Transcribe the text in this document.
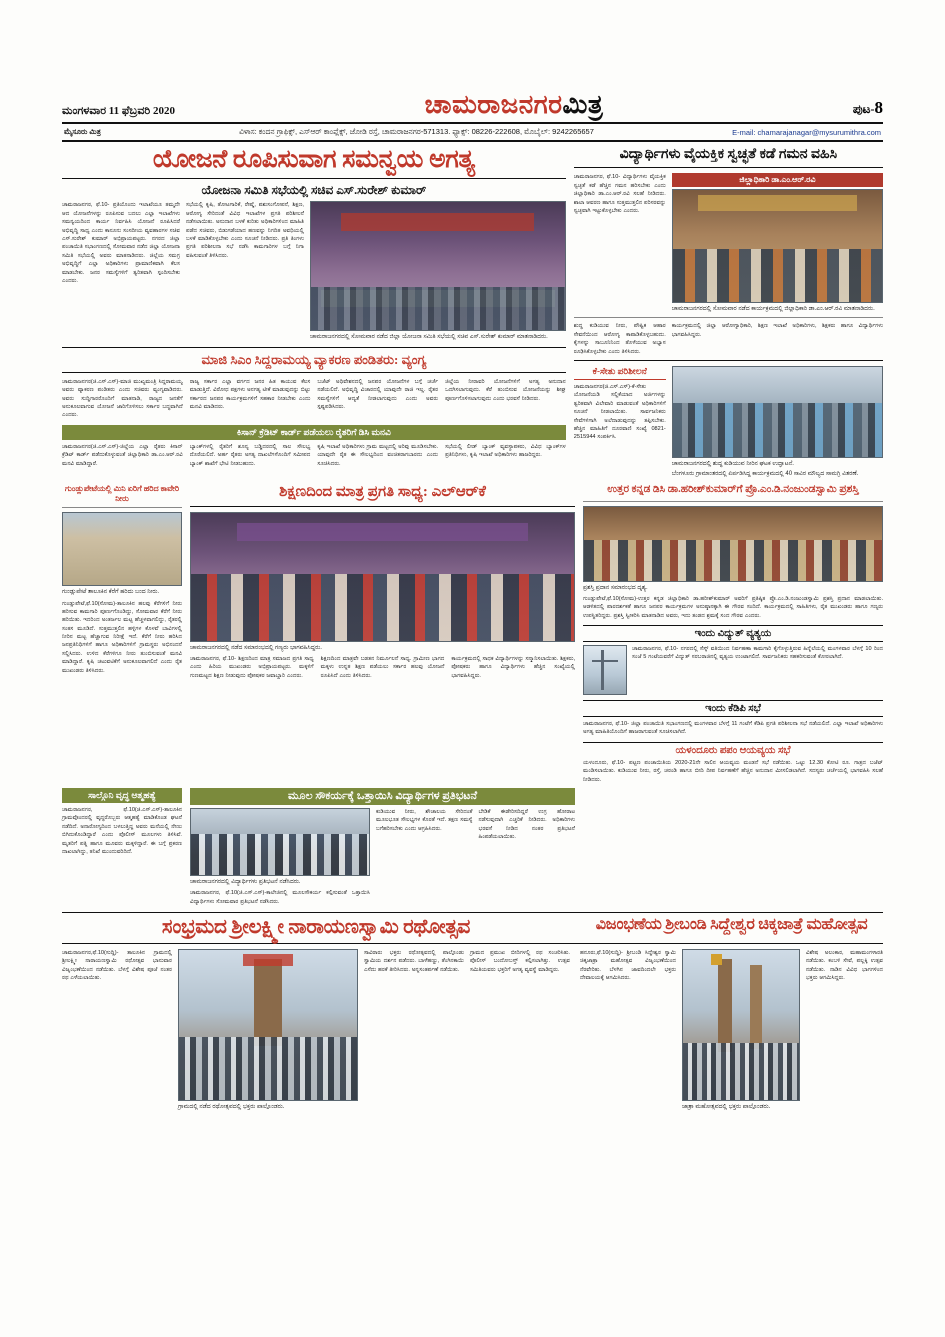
ಮಂಗಳವಾರ 11 ಫೆಬ್ರವರಿ 2020	ಚಾಮರಾಜನಗರಮಿತ್ರ	ಪುಟ-8
ಮೈಸೂರು ಮಿತ್ರ	ವಿಳಾಸ: ಕಂದನ ಗ್ರಾಫಿಕ್ಸ್, ಎಸ್‌ಆರ್ ಕಾಂಪ್ಲೆಕ್ಸ್, ಜೋಡಿ ರಸ್ತೆ, ಚಾಮರಾಜನಗರ-571313. ಫ್ಯಾಕ್ಸ್: 08226-222608, ಮೊಬೈಲ್: 9242265657	E-mail: chamarajanagar@mysurumithra.com
ಯೋಜನೆ ರೂಪಿಸುವಾಗ ಸಮನ್ವಯ ಅಗತ್ಯ
ಯೋಜನಾ ಸಮಿತಿ ಸಭೆಯಲ್ಲಿ ಸಚಿವ ಎಸ್.ಸುರೇಶ್ ಕುಮಾರ್
ಚಾಮರಾಜನಗರ, ಫೆ.10- ಪ್ರತಿಯೊಂದು ಇಲಾಖೆಯೂ ತಮ್ಮದೇ ಆದ ಯೋಜನೆಗಳನ್ನು ರೂಪಿಸುವ ಬದಲು ಎಲ್ಲಾ ಇಲಾಖೆಗಳು ಸಮನ್ವಯದಿಂದ ಕಾರ್ಯ ನಿರ್ವಹಿಸಿ ಯೋಜನೆ ರೂಪಿಸಿದರೆ ಅಭಿವೃದ್ಧಿ ಸಾಧ್ಯ ಎಂದು ಕಾನೂನು ಸಂಸದೀಯ ವ್ಯವಹಾರಗಳ ಸಚಿವ ಎಸ್.ಸುರೇಶ್ ಕುಮಾರ್ ಅಭಿಪ್ರಾಯಪಟ್ಟರು. ನಗರದ ಜಿಲ್ಲಾ ಪಂಚಾಯಿತಿ ಸಭಾಂಗಣದಲ್ಲಿ ಸೋಮವಾರ ನಡೆದ ಜಿಲ್ಲಾ ಯೋಜನಾ ಸಮಿತಿ ಸಭೆಯಲ್ಲಿ ಅವರು ಮಾತನಾಡಿದರು. ಜಿಲ್ಲೆಯ ಸಮಗ್ರ ಅಭಿವೃದ್ಧಿಗೆ ಎಲ್ಲಾ ಅಧಿಕಾರಿಗಳು ಪ್ರಾಮಾಣಿಕವಾಗಿ ಕೆಲಸ ಮಾಡಬೇಕು. ಜನರ ಸಮಸ್ಯೆಗಳಿಗೆ ತ್ವರಿತವಾಗಿ ಸ್ಪಂದಿಸಬೇಕು ಎಂದರು.
ಸಭೆಯಲ್ಲಿ ಕೃಷಿ, ತೋಟಗಾರಿಕೆ, ರೇಷ್ಮೆ, ಪಶುಸಂಗೋಪನೆ, ಶಿಕ್ಷಣ, ಆರೋಗ್ಯ ಸೇರಿದಂತೆ ವಿವಿಧ ಇಲಾಖೆಗಳ ಪ್ರಗತಿ ಪರಿಶೀಲನೆ ನಡೆಸಲಾಯಿತು. ಅನುದಾನ ಬಳಕೆ ಕುರಿತು ಅಧಿಕಾರಿಗಳಿಂದ ಮಾಹಿತಿ ಪಡೆದ ಸಚಿವರು, ಬಿಡುಗಡೆಯಾದ ಹಣವನ್ನು ನಿಗದಿತ ಅವಧಿಯಲ್ಲಿ ಬಳಕೆ ಮಾಡಿಕೊಳ್ಳಬೇಕು ಎಂದು ಸೂಚನೆ ನೀಡಿದರು. ಪ್ರತಿ ತಿಂಗಳು ಪ್ರಗತಿ ಪರಿಶೀಲನಾ ಸಭೆ ನಡೆಸಿ ಕಾಮಗಾರಿಗಳ ಬಗ್ಗೆ ನಿಗಾ ವಹಿಸುವಂತೆ ತಿಳಿಸಿದರು.
ಚಾಮರಾಜನಗರದಲ್ಲಿ ಸೋಮವಾರ ನಡೆದ ಜಿಲ್ಲಾ ಯೋಜನಾ ಸಮಿತಿ ಸಭೆಯಲ್ಲಿ ಸಚಿವ ಎಸ್.ಸುರೇಶ್ ಕುಮಾರ್ ಮಾತನಾಡಿದರು.
ಮಾಜಿ ಸಿಎಂ ಸಿದ್ದರಾಮಯ್ಯ ವ್ಯಾಕರಣ ಪಂಡಿತರು: ವ್ಯಂಗ್ಯ
ಚಾಮರಾಜನಗರ(ಜಿ.ಎಸ್.ಎಸ್)-ಮಾಜಿ ಮುಖ್ಯಮಂತ್ರಿ ಸಿದ್ದರಾಮಯ್ಯ ಅವರು ವ್ಯಾಕರಣ ಪಂಡಿತರು ಎಂದು ಸಚಿವರು ವ್ಯಂಗ್ಯವಾಡಿದರು. ಅವರು ಸುದ್ದಿಗಾರರೊಂದಿಗೆ ಮಾತನಾಡಿ, ರಾಜ್ಯದ ಜನತೆಗೆ ಅನುಕೂಲವಾಗುವ ಯೋಜನೆ ಜಾರಿಗೊಳಿಸಲು ಸರ್ಕಾರ ಬದ್ಧವಾಗಿದೆ ಎಂದರು.
ರಾಜ್ಯ ಸರ್ಕಾರ ಎಲ್ಲಾ ವರ್ಗದ ಜನರ ಹಿತ ಕಾಯುವ ಕೆಲಸ ಮಾಡುತ್ತಿದೆ. ವಿರೋಧ ಪಕ್ಷಗಳು ಅನಗತ್ಯ ಟೀಕೆ ಮಾಡುವುದನ್ನು ಬಿಟ್ಟು ಸರ್ಕಾರದ ಜನಪರ ಕಾರ್ಯಕ್ರಮಗಳಿಗೆ ಸಹಕಾರ ನೀಡಬೇಕು ಎಂದು ಮನವಿ ಮಾಡಿದರು.
ಬಜೆಟ್ ಅಧಿವೇಶನದಲ್ಲಿ ಜನಪರ ಯೋಜನೆಗಳ ಬಗ್ಗೆ ಚರ್ಚೆ ನಡೆಯಲಿದೆ. ಅಭಿವೃದ್ಧಿ ವಿಚಾರದಲ್ಲಿ ಯಾವುದೇ ರಾಜಿ ಇಲ್ಲ. ರೈತರ ಸಮಸ್ಯೆಗಳಿಗೆ ಆದ್ಯತೆ ನೀಡಲಾಗುವುದು ಎಂದು ಅವರು ಸ್ಪಷ್ಟಪಡಿಸಿದರು.
ಜಿಲ್ಲೆಯ ನೀರಾವರಿ ಯೋಜನೆಗಳಿಗೆ ಅಗತ್ಯ ಅನುದಾನ ಒದಗಿಸಲಾಗುವುದು. ಕೆರೆ ತುಂಬಿಸುವ ಯೋಜನೆಯನ್ನು ಶೀಘ್ರ ಪೂರ್ಣಗೊಳಿಸಲಾಗುವುದು ಎಂದು ಭರವಸೆ ನೀಡಿದರು.
ಕಿಸಾನ್ ಕ್ರೆಡಿಟ್ ಕಾರ್ಡ್ ಪಡೆಯಲು ರೈತರಿಗೆ ಡಿಸಿ ಮನವಿ
ಚಾಮರಾಜನಗರ(ಜಿ.ಎಸ್.ಎಸ್)-ಜಿಲ್ಲೆಯ ಎಲ್ಲಾ ರೈತರು ಕಿಸಾನ್ ಕ್ರೆಡಿಟ್ ಕಾರ್ಡ್ ಪಡೆದುಕೊಳ್ಳುವಂತೆ ಜಿಲ್ಲಾಧಿಕಾರಿ ಡಾ.ಎಂ.ಆರ್.ರವಿ ಮನವಿ ಮಾಡಿದ್ದಾರೆ.
ಬ್ಯಾಂಕ್‌ಗಳಲ್ಲಿ ರೈತರಿಗೆ ಶೂನ್ಯ ಬಡ್ಡಿದರದಲ್ಲಿ ಸಾಲ ಸೌಲಭ್ಯ ದೊರೆಯಲಿದೆ. ಅರ್ಹ ರೈತರು ಅಗತ್ಯ ದಾಖಲೆಗಳೊಂದಿಗೆ ಸಮೀಪದ ಬ್ಯಾಂಕ್ ಶಾಖೆಗೆ ಭೇಟಿ ನೀಡಬಹುದು.
ಕೃಷಿ ಇಲಾಖೆ ಅಧಿಕಾರಿಗಳು ಗ್ರಾಮ ಮಟ್ಟದಲ್ಲಿ ಅರಿವು ಮೂಡಿಸಬೇಕು. ಯಾವುದೇ ರೈತ ಈ ಸೌಲಭ್ಯದಿಂದ ವಂಚಿತರಾಗಬಾರದು ಎಂದು ಸೂಚಿಸಿದರು.
ಸಭೆಯಲ್ಲಿ ಲೀಡ್ ಬ್ಯಾಂಕ್ ವ್ಯವಸ್ಥಾಪಕರು, ವಿವಿಧ ಬ್ಯಾಂಕ್‌ಗಳ ಪ್ರತಿನಿಧಿಗಳು, ಕೃಷಿ ಇಲಾಖೆ ಅಧಿಕಾರಿಗಳು ಹಾಜರಿದ್ದರು.
ವಿದ್ಯಾರ್ಥಿಗಳು ವೈಯಕ್ತಿಕ ಸ್ವಚ್ಛತೆ ಕಡೆ ಗಮನ ವಹಿಸಿ
ಚಾಮರಾಜನಗರ, ಫೆ.10- ವಿದ್ಯಾರ್ಥಿಗಳು ವೈಯಕ್ತಿಕ ಸ್ವಚ್ಛತೆ ಕಡೆ ಹೆಚ್ಚಿನ ಗಮನ ಹರಿಸಬೇಕು ಎಂದು ಜಿಲ್ಲಾಧಿಕಾರಿ ಡಾ.ಎಂ.ಆರ್.ರವಿ ಸಲಹೆ ನೀಡಿದರು. ಶಾಲಾ ಆವರಣ ಹಾಗೂ ಸುತ್ತಮುತ್ತಲಿನ ಪರಿಸರವನ್ನು ಸ್ವಚ್ಛವಾಗಿ ಇಟ್ಟುಕೊಳ್ಳಬೇಕು ಎಂದರು.
ಜಿಲ್ಲಾಧಿಕಾರಿ ಡಾ.ಎಂ.ಆರ್.ರವಿ
ಚಾಮರಾಜನಗರದಲ್ಲಿ ಸೋಮವಾರ ನಡೆದ ಕಾರ್ಯಕ್ರಮದಲ್ಲಿ ಜಿಲ್ಲಾಧಿಕಾರಿ ಡಾ.ಎಂ.ಆರ್.ರವಿ ಮಾತನಾಡಿದರು.
ಶುದ್ಧ ಕುಡಿಯುವ ನೀರು, ಪೌಷ್ಟಿಕ ಆಹಾರ ಸೇವನೆಯಿಂದ ಆರೋಗ್ಯ ಕಾಪಾಡಿಕೊಳ್ಳಬಹುದು. ಕೈಗಳನ್ನು ಸಾಬೂನಿನಿಂದ ತೊಳೆಯುವ ಅಭ್ಯಾಸ ರೂಢಿಸಿಕೊಳ್ಳಬೇಕು ಎಂದು ತಿಳಿಸಿದರು.
ಕಾರ್ಯಕ್ರಮದಲ್ಲಿ ಜಿಲ್ಲಾ ಆರೋಗ್ಯಾಧಿಕಾರಿ, ಶಿಕ್ಷಣ ಇಲಾಖೆ ಅಧಿಕಾರಿಗಳು, ಶಿಕ್ಷಕರು ಹಾಗೂ ವಿದ್ಯಾರ್ಥಿಗಳು ಭಾಗವಹಿಸಿದ್ದರು.
ಕೆ-ಸೇತು ಪರಿಶೀಲನೆ
ಚಾಮರಾಜನಗರ(ಜಿ.ಎಸ್.ಎಸ್)-ಕೆ-ಸೇತು ಯೋಜನೆಯಡಿ ಸಲ್ಲಿಕೆಯಾದ ಅರ್ಜಿಗಳನ್ನು ತ್ವರಿತವಾಗಿ ವಿಲೇವಾರಿ ಮಾಡುವಂತೆ ಅಧಿಕಾರಿಗಳಿಗೆ ಸೂಚನೆ ನೀಡಲಾಯಿತು. ಸಾರ್ವಜನಿಕರು ಸೇವೆಗಳಿಗಾಗಿ ಅಲೆದಾಡುವುದನ್ನು ತಪ್ಪಿಸಬೇಕು. ಹೆಚ್ಚಿನ ಮಾಹಿತಿಗೆ ದೂರವಾಣಿ ಸಂಖ್ಯೆ 0821-2515944 ಸಂಪರ್ಕಿಸಿ.
ಚಾಮರಾಜನಗರದಲ್ಲಿ ಶುದ್ಧ ಕುಡಿಯುವ ನೀರಿನ ಘಟಕ ಉದ್ಘಾಟನೆ.
ಬೆಂಗಳೂರು ಗ್ರಾಮಾಂತರದಲ್ಲಿ ಏರ್ಪಡಿಸಿದ್ದ ಕಾರ್ಯಕ್ರಮದಲ್ಲಿ 40 ಸಾವಿರ ಮೌಲ್ಯದ ಸಾಮಗ್ರಿ ವಿತರಣೆ.
ಗುಂಡ್ಲುಪೇಟೆಯಲ್ಲಿ ಮಿನಿ ಏರಿಗೆ ಹರಿದ ಕಾವೇರಿ ನೀರು
ಗುಂಡ್ಲುಪೇಟೆ ತಾಲೂಕಿನ ಕೆರೆಗೆ ಹರಿದು ಬಂದ ನೀರು.
ಗುಂಡ್ಲುಪೇಟೆ,ಫೆ.10(ಸೋಮ)-ತಾಲೂಕಿನ ಹಲವು ಕೆರೆಗಳಿಗೆ ನೀರು ಹರಿಸುವ ಕಾಮಗಾರಿ ಪೂರ್ಣಗೊಂಡಿದ್ದು, ಸೋಮವಾರ ಕೆರೆಗೆ ನೀರು ಹರಿಯಿತು. ಇದರಿಂದ ಅಂತರ್ಜಲ ಮಟ್ಟ ಹೆಚ್ಚಳವಾಗಲಿದ್ದು, ರೈತರಲ್ಲಿ ಸಂತಸ ಮೂಡಿದೆ. ಸುತ್ತಮುತ್ತಲಿನ ಹಳ್ಳಿಗಳ ಕೊಳವೆ ಬಾವಿಗಳಲ್ಲಿ ನೀರಿನ ಮಟ್ಟ ಹೆಚ್ಚಾಗುವ ನಿರೀಕ್ಷೆ ಇದೆ. ಕೆರೆಗೆ ನೀರು ಹರಿಸಿದ ಜನಪ್ರತಿನಿಧಿಗಳಿಗೆ ಹಾಗೂ ಅಧಿಕಾರಿಗಳಿಗೆ ಗ್ರಾಮಸ್ಥರು ಅಭಿನಂದನೆ ಸಲ್ಲಿಸಿದರು. ಉಳಿದ ಕೆರೆಗಳಿಗೂ ನೀರು ತುಂಬಿಸುವಂತೆ ಮನವಿ ಮಾಡಿದ್ದಾರೆ. ಕೃಷಿ ಚಟುವಟಿಕೆಗೆ ಅನುಕೂಲವಾಗಲಿದೆ ಎಂದು ರೈತ ಮುಖಂಡರು ತಿಳಿಸಿದರು.
ಶಿಕ್ಷಣದಿಂದ ಮಾತ್ರ ಪ್ರಗತಿ ಸಾಧ್ಯ: ಎಲ್‌ಆರ್‌ಕೆ
ಚಾಮರಾಜನಗರದಲ್ಲಿ ನಡೆದ ಸಮಾರಂಭದಲ್ಲಿ ಗಣ್ಯರು ಭಾಗವಹಿಸಿದ್ದರು.
ಚಾಮರಾಜನಗರ, ಫೆ.10- ಶಿಕ್ಷಣದಿಂದ ಮಾತ್ರ ಸಮಾಜದ ಪ್ರಗತಿ ಸಾಧ್ಯ ಎಂದು ಹಿರಿಯ ಮುಖಂಡರು ಅಭಿಪ್ರಾಯಪಟ್ಟರು. ಮಕ್ಕಳಿಗೆ ಗುಣಮಟ್ಟದ ಶಿಕ್ಷಣ ನೀಡುವುದು ಪೋಷಕರ ಜವಾಬ್ದಾರಿ ಎಂದರು.
ಶಿಕ್ಷಣದಿಂದ ಮಾತ್ರವೇ ಬಡತನ ನಿರ್ಮೂಲನೆ ಸಾಧ್ಯ. ಗ್ರಾಮೀಣ ಭಾಗದ ಮಕ್ಕಳು ಉನ್ನತ ಶಿಕ್ಷಣ ಪಡೆಯಲು ಸರ್ಕಾರ ಹಲವು ಯೋಜನೆ ರೂಪಿಸಿದೆ ಎಂದು ತಿಳಿಸಿದರು.
ಕಾರ್ಯಕ್ರಮದಲ್ಲಿ ಸಾಧಕ ವಿದ್ಯಾರ್ಥಿಗಳನ್ನು ಸನ್ಮಾನಿಸಲಾಯಿತು. ಶಿಕ್ಷಕರು, ಪೋಷಕರು ಹಾಗೂ ವಿದ್ಯಾರ್ಥಿಗಳು ಹೆಚ್ಚಿನ ಸಂಖ್ಯೆಯಲ್ಲಿ ಭಾಗವಹಿಸಿದ್ದರು.
ಉತ್ತರ ಕನ್ನಡ ಡಿಸಿ ಡಾ.ಹರೀಶ್‌ಕುಮಾರ್‌ಗೆ ಪ್ರೊ.ಎಂ.ಡಿ.ನಂಜುಂಡಸ್ವಾಮಿ ಪ್ರಶಸ್ತಿ
ಪ್ರಶಸ್ತಿ ಪ್ರದಾನ ಸಮಾರಂಭದ ದೃಶ್ಯ.
ಗುಂಡ್ಲುಪೇಟೆ,ಫೆ.10(ಸೋಮ)-ಉತ್ತರ ಕನ್ನಡ ಜಿಲ್ಲಾಧಿಕಾರಿ ಡಾ.ಹರೀಶ್‌ಕುಮಾರ್ ಅವರಿಗೆ ಪ್ರತಿಷ್ಠಿತ ಪ್ರೊ.ಎಂ.ಡಿ.ನಂಜುಂಡಸ್ವಾಮಿ ಪ್ರಶಸ್ತಿ ಪ್ರದಾನ ಮಾಡಲಾಯಿತು. ಆಡಳಿತದಲ್ಲಿ ಪಾರದರ್ಶಕತೆ ಹಾಗೂ ಜನಪರ ಕಾರ್ಯಕ್ರಮಗಳ ಅನುಷ್ಠಾನಕ್ಕಾಗಿ ಈ ಗೌರವ ಸಂದಿದೆ. ಕಾರ್ಯಕ್ರಮದಲ್ಲಿ ಸಾಹಿತಿಗಳು, ರೈತ ಮುಖಂಡರು ಹಾಗೂ ಗಣ್ಯರು ಉಪಸ್ಥಿತರಿದ್ದರು. ಪ್ರಶಸ್ತಿ ಸ್ವೀಕರಿಸಿ ಮಾತನಾಡಿದ ಅವರು, ಇದು ತಂಡದ ಶ್ರಮಕ್ಕೆ ಸಂದ ಗೌರವ ಎಂದರು.
ಇಂದು ವಿದ್ಯುತ್ ವ್ಯತ್ಯಯ
ಚಾಮರಾಜನಗರ, ಫೆ.10- ನಗರದಲ್ಲಿ ಸೆಸ್ಕ್ ವತಿಯಿಂದ ನಿರ್ವಹಣಾ ಕಾಮಗಾರಿ ಕೈಗೊಳ್ಳುತ್ತಿರುವ ಹಿನ್ನೆಲೆಯಲ್ಲಿ ಮಂಗಳವಾರ ಬೆಳಗ್ಗೆ 10 ರಿಂದ ಸಂಜೆ 5 ಗಂಟೆಯವರೆಗೆ ವಿದ್ಯುತ್ ಸರಬರಾಜಿನಲ್ಲಿ ವ್ಯತ್ಯಯ ಉಂಟಾಗಲಿದೆ. ಸಾರ್ವಜನಿಕರು ಸಹಕರಿಸುವಂತೆ ಕೋರಲಾಗಿದೆ.
ಇಂದು ಕೆಡಿಪಿ ಸಭೆ
ಚಾಮರಾಜನಗರ, ಫೆ.10- ಜಿಲ್ಲಾ ಪಂಚಾಯಿತಿ ಸಭಾಂಗಣದಲ್ಲಿ ಮಂಗಳವಾರ ಬೆಳಗ್ಗೆ 11 ಗಂಟೆಗೆ ಕೆಡಿಪಿ ಪ್ರಗತಿ ಪರಿಶೀಲನಾ ಸಭೆ ನಡೆಯಲಿದೆ. ಎಲ್ಲಾ ಇಲಾಖೆ ಅಧಿಕಾರಿಗಳು ಅಗತ್ಯ ಮಾಹಿತಿಯೊಂದಿಗೆ ಹಾಜರಾಗುವಂತೆ ಸೂಚಿಸಲಾಗಿದೆ.
ಯಳಂದೂರು ಪಪಂ ಆಯವ್ಯಯ ಸಭೆ
ಯಳಂದೂರು, ಫೆ.10- ಪಟ್ಟಣ ಪಂಚಾಯಿತಿಯ 2020-21ನೇ ಸಾಲಿನ ಆಯವ್ಯಯ ಮಂಡನೆ ಸಭೆ ನಡೆಯಿತು. ಒಟ್ಟು 12.30 ಕೋಟಿ ರೂ. ಗಾತ್ರದ ಬಜೆಟ್ ಮಂಡಿಸಲಾಯಿತು. ಕುಡಿಯುವ ನೀರು, ರಸ್ತೆ, ಚರಂಡಿ ಹಾಗೂ ಬೀದಿ ದೀಪ ನಿರ್ವಹಣೆಗೆ ಹೆಚ್ಚಿನ ಅನುದಾನ ಮೀಸಲಿಡಲಾಗಿದೆ. ಸದಸ್ಯರು ಚರ್ಚೆಯಲ್ಲಿ ಭಾಗವಹಿಸಿ ಸಲಹೆ ನೀಡಿದರು.
ಸಾಲ್ಗೊನಿ ವೃದ್ಧ ಆತ್ಮಹತ್ಯೆ
ಚಾಮರಾಜನಗರ, ಫೆ.10(ಜಿ.ಎಸ್.ಎಸ್)-ತಾಲೂಕಿನ ಗ್ರಾಮವೊಂದರಲ್ಲಿ ವೃದ್ಧರೊಬ್ಬರು ಆತ್ಮಹತ್ಯೆ ಮಾಡಿಕೊಂಡ ಘಟನೆ ನಡೆದಿದೆ. ಅನಾರೋಗ್ಯದಿಂದ ಬಳಲುತ್ತಿದ್ದ ಅವರು ಮನೆಯಲ್ಲಿ ನೇಣು ಬಿಗಿದುಕೊಂಡಿದ್ದಾರೆ ಎಂದು ಪೊಲೀಸ್ ಮೂಲಗಳು ತಿಳಿಸಿವೆ. ಮೃತರಿಗೆ ಪತ್ನಿ ಹಾಗೂ ಮೂವರು ಮಕ್ಕಳಿದ್ದಾರೆ. ಈ ಬಗ್ಗೆ ಪ್ರಕರಣ ದಾಖಲಾಗಿದ್ದು, ತನಿಖೆ ಮುಂದುವರಿದಿದೆ.
ಮೂಲ ಸೌಕರ್ಯಕ್ಕೆ ಒತ್ತಾಯಿಸಿ ವಿದ್ಯಾರ್ಥಿಗಳ ಪ್ರತಿಭಟನೆ
ಚಾಮರಾಜನಗರದಲ್ಲಿ ವಿದ್ಯಾರ್ಥಿಗಳು ಪ್ರತಿಭಟನೆ ನಡೆಸಿದರು.
ಚಾಮರಾಜನಗರ, ಫೆ.10(ಜಿ.ಎಸ್.ಎಸ್)-ಕಾಲೇಜಿನಲ್ಲಿ ಮೂಲಸೌಕರ್ಯ ಕಲ್ಪಿಸುವಂತೆ ಒತ್ತಾಯಿಸಿ ವಿದ್ಯಾರ್ಥಿಗಳು ಸೋಮವಾರ ಪ್ರತಿಭಟನೆ ನಡೆಸಿದರು.
ಕುಡಿಯುವ ನೀರು, ಶೌಚಾಲಯ ಸೇರಿದಂತೆ ಮೂಲಭೂತ ಸೌಲಭ್ಯಗಳ ಕೊರತೆ ಇದೆ. ತಕ್ಷಣ ಸಮಸ್ಯೆ ಬಗೆಹರಿಸಬೇಕು ಎಂದು ಆಗ್ರಹಿಸಿದರು.
ಬೇಡಿಕೆ ಈಡೇರಿಸದಿದ್ದರೆ ಉಗ್ರ ಹೋರಾಟ ನಡೆಸುವುದಾಗಿ ಎಚ್ಚರಿಕೆ ನೀಡಿದರು. ಅಧಿಕಾರಿಗಳು ಭರವಸೆ ನೀಡಿದ ನಂತರ ಪ್ರತಿಭಟನೆ ಹಿಂಪಡೆಯಲಾಯಿತು.
ಸಂಭ್ರಮದ ಶ್ರೀಲಕ್ಷ್ಮೀ ನಾರಾಯಣಸ್ವಾಮಿ ರಥೋತ್ಸವ	ವಿಜಂಭಣೆಯ ಶ್ರೀಬಂಡಿ ಸಿದ್ದೇಶ್ವರ ಚಿಕ್ಕಜಾತ್ರೆ ಮಹೋತ್ಸವ
ಚಾಮರಾಜನಗರ,ಫೆ.10(ಸುದ್ದಿ)- ತಾಲೂಕಿನ ಗ್ರಾಮದಲ್ಲಿ ಶ್ರೀಲಕ್ಷ್ಮೀ ನಾರಾಯಣಸ್ವಾಮಿ ರಥೋತ್ಸವ ಭಾನುವಾರ ವಿಜೃಂಭಣೆಯಿಂದ ನಡೆಯಿತು. ಬೆಳಗ್ಗೆ ವಿಶೇಷ ಪೂಜೆ ನಂತರ ರಥ ಎಳೆಯಲಾಯಿತು.
ಗ್ರಾಮದಲ್ಲಿ ನಡೆದ ರಥೋತ್ಸವದಲ್ಲಿ ಭಕ್ತರು ಪಾಲ್ಗೊಂಡರು.
ಸಾವಿರಾರು ಭಕ್ತರು ರಥೋತ್ಸವದಲ್ಲಿ ಪಾಲ್ಗೊಂಡು ಸ್ವಾಮಿಯ ದರ್ಶನ ಪಡೆದರು. ಬಾಳೆಹಣ್ಣು, ತೆಂಗಿನಕಾಯಿ ಎಸೆದು ಹರಕೆ ತೀರಿಸಿದರು. ಅನ್ನಸಂತರ್ಪಣೆ ನಡೆಯಿತು.
ಗ್ರಾಮದ ಪ್ರಮುಖ ಬೀದಿಗಳಲ್ಲಿ ರಥ ಸಂಚರಿಸಿತು. ಪೊಲೀಸ್ ಬಂದೋಬಸ್ತ್ ಕಲ್ಪಿಸಲಾಗಿತ್ತು. ಉತ್ಸವ ಸಮಿತಿಯವರು ಭಕ್ತರಿಗೆ ಅಗತ್ಯ ವ್ಯವಸ್ಥೆ ಮಾಡಿದ್ದರು.
ಹನೂರು,ಫೆ.10(ಸುದ್ದಿ)- ಶ್ರೀಬಂಡಿ ಸಿದ್ದೇಶ್ವರ ಸ್ವಾಮಿ ಚಿಕ್ಕಜಾತ್ರಾ ಮಹೋತ್ಸವ ವಿಜೃಂಭಣೆಯಿಂದ ನೆರವೇರಿತು. ಬೆಳಗಿನ ಜಾವದಿಂದಲೇ ಭಕ್ತರು ದೇವಾಲಯಕ್ಕೆ ಆಗಮಿಸಿದರು.
ಜಾತ್ರಾ ಮಹೋತ್ಸವದಲ್ಲಿ ಭಕ್ತರು ಪಾಲ್ಗೊಂಡರು.
ವಿಶೇಷ ಅಲಂಕಾರ, ಮಹಾಮಂಗಳಾರತಿ ನಡೆಯಿತು. ಕಂಬಳಿ ಸೇವೆ, ಪಲ್ಲಕ್ಕಿ ಉತ್ಸವ ನಡೆಯಿತು. ನಾಡಿನ ವಿವಿಧ ಭಾಗಗಳಿಂದ ಭಕ್ತರು ಆಗಮಿಸಿದ್ದರು.
